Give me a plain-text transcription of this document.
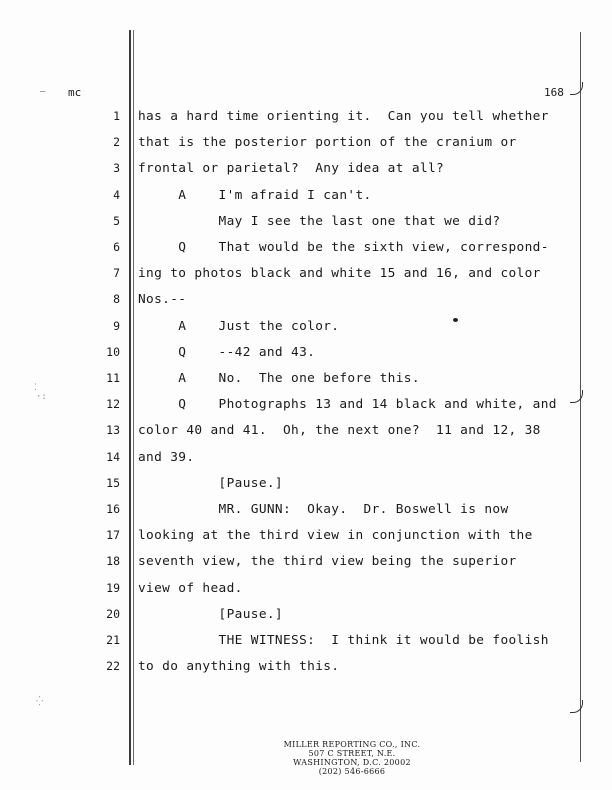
— mc	168
1 has a hard time orienting it.  Can you tell whether
2 that is the posterior portion of the cranium or
3 frontal or parietal?  Any idea at all?
4 A    I'm afraid I can't.
5 May I see the last one that we did?
6 Q    That would be the sixth view, correspond-
7 ing to photos black and white 15 and 16, and color
8 Nos.--
9 A    Just the color.
10 Q    --42 and 43.
11 A    No.  The one before this.
12 Q    Photographs 13 and 14 black and white, and
13 color 40 and 41.  Oh, the next one?  11 and 12, 38
14 and 39.
15 [Pause.]
16 MR. GUNN:  Okay.  Dr. Boswell is now
17 looking at the third view in conjunction with the
18 seventh view, the third view being the superior
19 view of head.
20 [Pause.]
21 THE WITNESS:  I think it would be foolish
22 to do anything with this.
⁚
·:
⁛
MILLER REPORTING CO., INC.
507 C STREET, N.E.
WASHINGTON, D.C. 20002
(202) 546-6666
